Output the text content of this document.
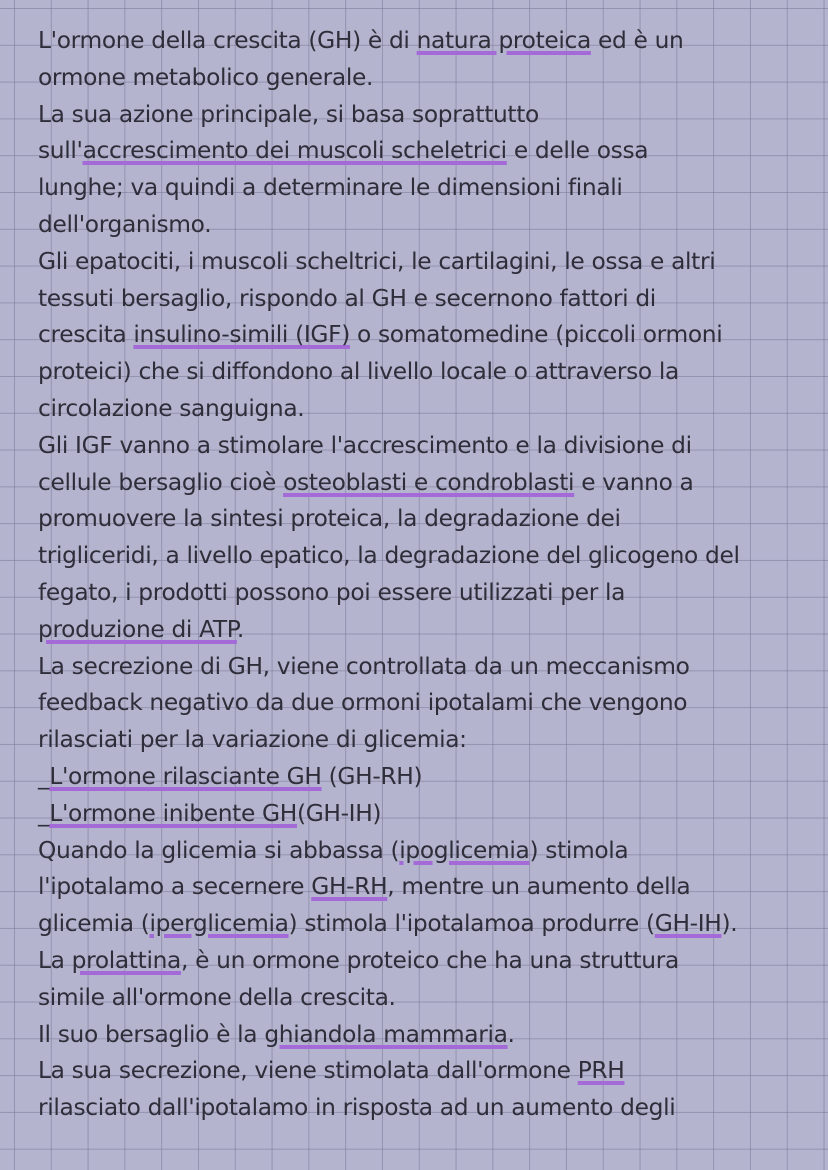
L'ormone della crescita (GH) è di natura proteica ed è un
ormone metabolico generale.
La sua azione principale, si basa soprattutto
sull'accrescimento dei muscoli scheletrici e delle ossa
lunghe; va quindi a determinare le dimensioni finali
dell'organismo.
Gli epatociti, i muscoli scheltrici, le cartilagini, le ossa e altri
tessuti bersaglio, rispondo al GH e secernono fattori di
crescita insulino-simili (IGF) o somatomedine (piccoli ormoni
proteici) che si diffondono al livello locale o attraverso la
circolazione sanguigna.
Gli IGF vanno a stimolare l'accrescimento e la divisione di
cellule bersaglio cioè osteoblasti e condroblasti e vanno a
promuovere la sintesi proteica, la degradazione dei
trigliceridi, a livello epatico, la degradazione del glicogeno del
fegato, i prodotti possono poi essere utilizzati per la
produzione di ATP.
La secrezione di GH, viene controllata da un meccanismo
feedback negativo da due ormoni ipotalami che vengono
rilasciati per la variazione di glicemia:
_L'ormone rilasciante GH (GH-RH)
_L'ormone inibente GH(GH-IH)
Quando la glicemia si abbassa (ipoglicemia) stimola
l'ipotalamo a secernere GH-RH, mentre un aumento della
glicemia (iperglicemia) stimola l'ipotalamoa produrre (GH-IH).
La prolattina, è un ormone proteico che ha una struttura
simile all'ormone della crescita.
Il suo bersaglio è la ghiandola mammaria.
La sua secrezione, viene stimolata dall'ormone PRH
rilasciato dall'ipotalamo in risposta ad un aumento degli
